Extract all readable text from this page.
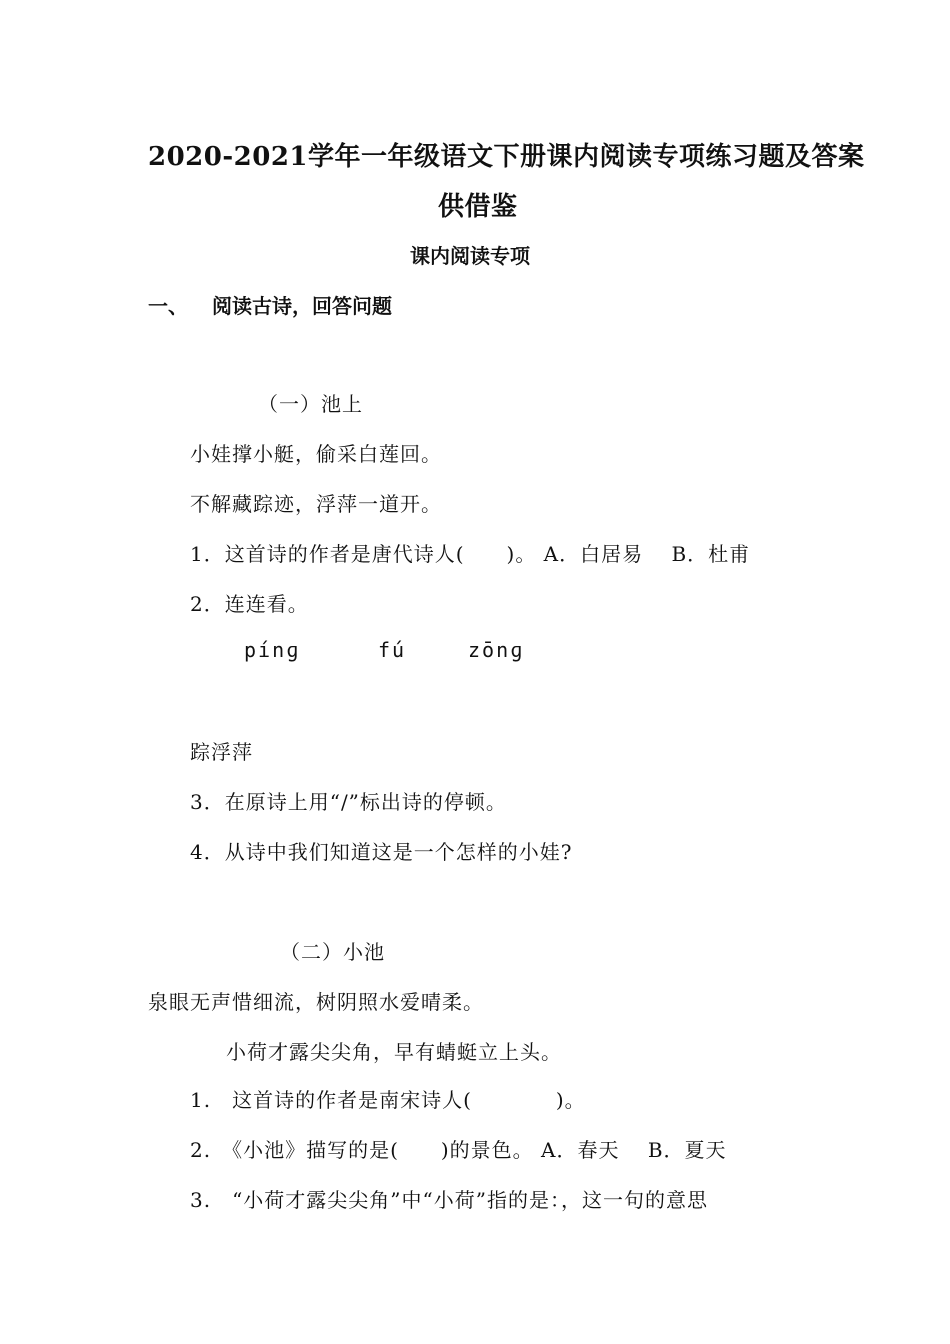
2020-2021学年一年级语文下册课内阅读专项练习题及答案
供借鉴
课内阅读专项
一、 阅读古诗，回答问题
（一）池上
小娃撑小艇，偷采白莲回。
不解藏踪迹，浮萍一道开。
1．这首诗的作者是唐代诗人(　　)。 A．白居易　 B．杜甫
2．连连看。
pínɡ	fú	zōnɡ
踪浮萍
3．在原诗上用“/”标出诗的停顿。
4．从诗中我们知道这是一个怎样的小娃?
（二）小池
泉眼无声惜细流，树阴照水爱晴柔。
小荷才露尖尖角，早有蜻蜓立上头。
1.　这首诗的作者是南宋诗人(　　　　)。
2.　《小池》描写的是(　　)的景色。 A．春天　 B．夏天
3.　“小荷才露尖尖角”中“小荷”指的是：，这一句的意思
